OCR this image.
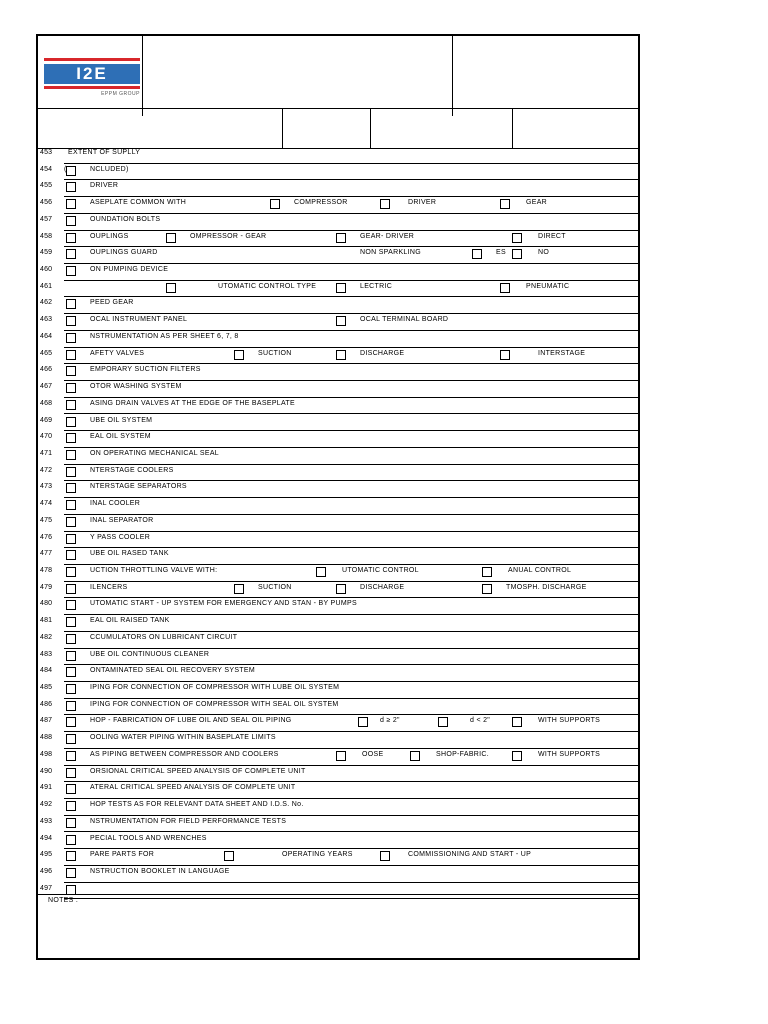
I2E
EPPM GROUP
453 EXTENT OF SUPLLY
454 (	NCLUDED)
455	DRIVER
456	ASEPLATE COMMON WITH	COMPRESSOR	DRIVER	GEAR
457	OUNDATION BOLTS
458	OUPLINGS	OMPRESSOR - GEAR	GEAR- DRIVER	DIRECT
459	OUPLINGS GUARD	NON SPARKLING	ES	NO
460	ON PUMPING DEVICE
461	UTOMATIC CONTROL TYPE	LECTRIC	PNEUMATIC
462	PEED GEAR
463	OCAL INSTRUMENT PANEL	OCAL TERMINAL BOARD
464	NSTRUMENTATION AS PER SHEET 6, 7, 8
465	AFETY VALVES	SUCTION	DISCHARGE	INTERSTAGE
466	EMPORARY SUCTION FILTERS
467	OTOR WASHING SYSTEM
468	ASING DRAIN VALVES AT THE EDGE OF THE BASEPLATE
469	UBE OIL SYSTEM
470	EAL OIL SYSTEM
471	ON OPERATING MECHANICAL SEAL
472	NTERSTAGE COOLERS
473	NTERSTAGE SEPARATORS
474	INAL COOLER
475	INAL SEPARATOR
476	Y PASS COOLER
477	UBE OIL RASED TANK
478	UCTION THROTTLING VALVE WITH:	UTOMATIC CONTROL	ANUAL CONTROL
479	ILENCERS	SUCTION	DISCHARGE	TMOSPH. DISCHARGE
480	UTOMATIC START - UP SYSTEM FOR EMERGENCY AND STAN - BY PUMPS
481	EAL OIL RAISED TANK
482	CCUMULATORS ON LUBRICANT CIRCUIT
483	UBE OIL CONTINUOUS CLEANER
484	ONTAMINATED SEAL OIL RECOVERY SYSTEM
485	IPING FOR CONNECTION OF COMPRESSOR WITH LUBE OIL SYSTEM
486	IPING FOR CONNECTION OF COMPRESSOR WITH SEAL OIL SYSTEM
487	HOP - FABRICATION OF LUBE OIL AND SEAL OIL PIPING	d ≥ 2"	d < 2"	WITH SUPPORTS
488	OOLING WATER PIPING WITHIN BASEPLATE LIMITS
498	AS PIPING BETWEEN COMPRESSOR AND COOLERS	OOSE	SHOP-FABRIC.	WITH SUPPORTS
490	ORSIONAL CRITICAL SPEED ANALYSIS OF COMPLETE UNIT
491	ATERAL CRITICAL SPEED ANALYSIS OF COMPLETE UNIT
492	HOP TESTS AS FOR RELEVANT DATA SHEET AND I.D.S. No.
493	NSTRUMENTATION FOR FIELD PERFORMANCE TESTS
494	PECIAL TOOLS AND WRENCHES
495	PARE PARTS FOR	OPERATING YEARS	COMMISSIONING AND START - UP
496	NSTRUCTION BOOKLET IN LANGUAGE
497
NOTES :
